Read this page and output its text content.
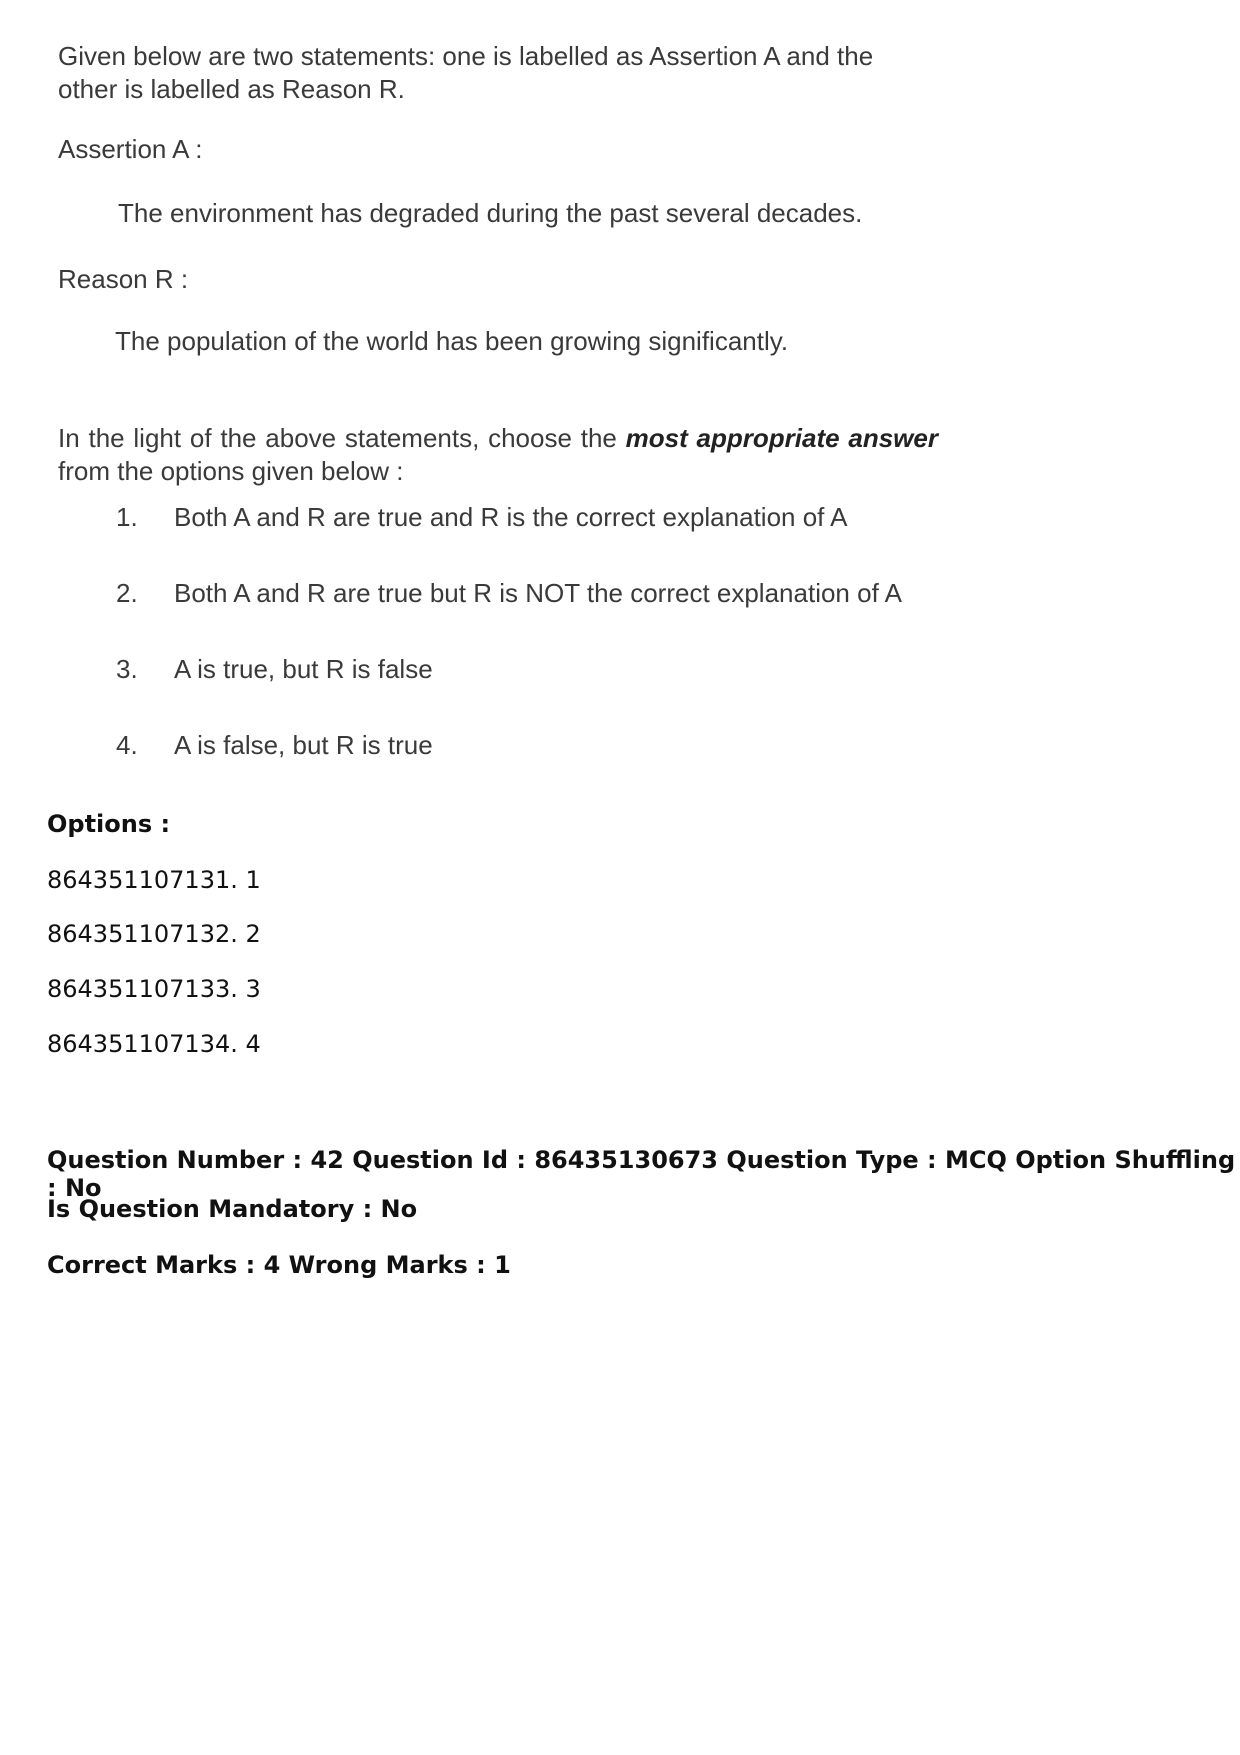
Given below are two statements: one is labelled as Assertion A and the other is labelled as Reason R.

Assertion A :

The environment has degraded during the past several decades.

Reason R :

The population of the world has been growing significantly.

In the light of the above statements, choose the most appropriate answer from the options given below :

1. Both A and R are true and R is the correct explanation of A

2. Both A and R are true but R is NOT the correct explanation of A

3. A is true, but R is false

4. A is false, but R is true

Options :

864351107131. 1

864351107132. 2

864351107133. 3

864351107134. 4

Question Number : 42 Question Id : 86435130673 Question Type : MCQ Option Shuffling : No

Is Question Mandatory : No

Correct Marks : 4 Wrong Marks : 1
